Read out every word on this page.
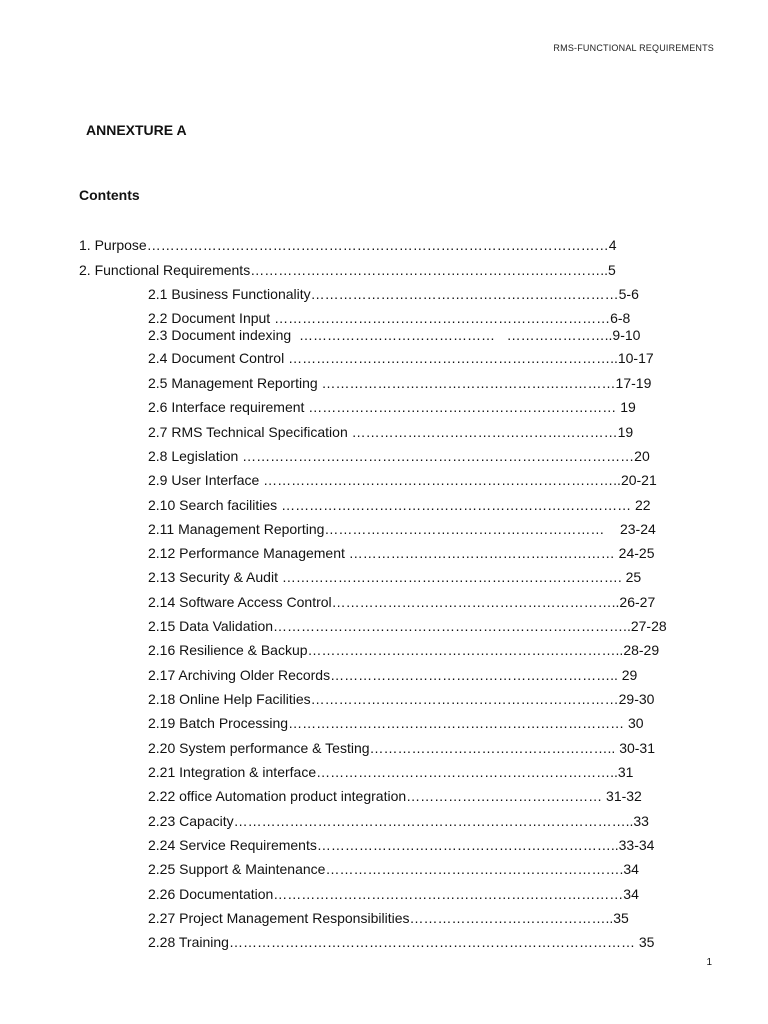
RMS-FUNCTIONAL REQUIREMENTS
ANNEXTURE A
Contents
1. Purpose………………………………………………………………………………………4
2. Functional Requirements…………………………………………………………………..5
2.1 Business Functionality…………………………………………………………5-6
2.2 Document Input ………………………………………………………………6-8
2.3 Document indexing  ……………………………………   …………………..9-10
2.4 Document Control ……………………………………………………………..10-17
2.5 Management Reporting ………………………………………………………17-19
2.6 Interface requirement ………………………………………………………… 19
2.7 RMS Technical Specification …………………………………………………19
2.8 Legislation …………………………………………………………………………20
2.9 User Interface …………………………………………………………………..20-21
2.10 Search facilities ………………………………………………………………… 22
2.11 Management Reporting……………………………………………………    23-24
2.12 Performance Management ………………………………………………… 24-25
2.13 Security & Audit ………………………………………………………………. 25
2.14 Software Access Control……………………………………………………..26-27
2.15 Data Validation…………………………………………………………………..27-28
2.16 Resilience & Backup…………………………………………………………..28-29
2.17 Archiving Older Records…………………………………………………….. 29
2.18 Online Help Facilities…………………………………………………………29-30
2.19 Batch Processing……………………………………………………………… 30
2.20 System performance & Testing…………………………………………….. 30-31
2.21 Integration & interface………………………………………………………..31
2.22 office Automation product integration…………………………………… 31-32
2.23 Capacity…………………………………………………………………………..33
2.24 Service Requirements………………………………………………………..33-34
2.25 Support & Maintenance……………………………………………………….34
2.26 Documentation…………………………………………………………………34
2.27 Project Management Responsibilities……………………………………..35
2.28 Training…………………………………………………………………………… 35
1
